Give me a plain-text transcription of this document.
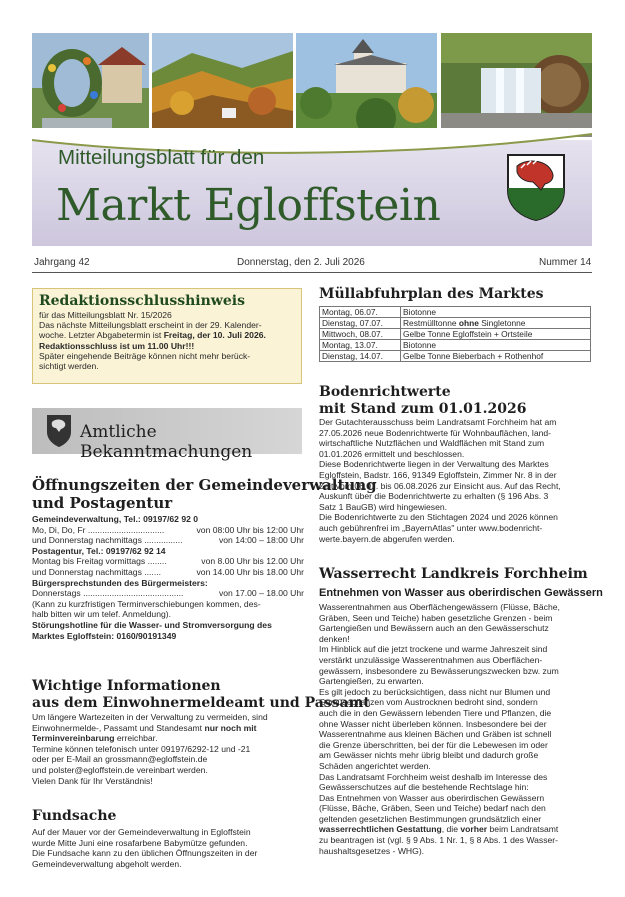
Mitteilungsblatt für den
Markt Egloffstein
Jahrgang 42	Donnerstag, den 2. Juli 2026	Nummer 14
Redaktionsschlusshinweis

für das Mitteilungsblatt Nr. 15/2026

Das nächste Mitteilungsblatt erscheint in der 29. Kalender-

woche. Letzter Abgabetermin ist Freitag, der 10. Juli 2026.

Redaktionsschluss ist um 11.00 Uhr!!!

Später eingehende Beiträge können nicht mehr berück-

sichtigt werden.

Amtliche Bekanntmachungen
Öffnungszeiten der Gemeindeverwaltung
und Postagentur

Gemeindeverwaltung, Tel.: 09197/62 92 0

Mo, Di, Do, Fr ................................	von 08:00 Uhr bis 12:00 Uhr
und Donnerstag nachmittags ................	von 14:00 – 18:00 Uhr

Postagentur, Tel.: 09197/62 92 14

Montag bis Freitag vormittags ........	von 8.00 Uhr bis 12.00 Uhr
und Donnerstag nachmittags .......	von 14.00 Uhr bis 18.00 Uhr

Bürgersprechstunden des Bürgermeisters:

Donnerstags ..........................................	von 17.00 – 18.00 Uhr

(Kann zu kurzfristigen Terminverschiebungen kommen, des-

halb bitten wir um telef. Anmeldung).

Störungshotline für die Wasser- und Stromversorgung des

Marktes Egloffstein: 0160/90191349

Wichtige Informationen
aus dem Einwohnermeldeamt und Passamt

Um längere Wartezeiten in der Verwaltung zu vermeiden, sind

Einwohnermelde-, Passamt und Standesamt nur noch mit

Terminvereinbarung erreichbar.

Termine können telefonisch unter 09197/6292-12 und -21

oder per E-Mail an grossmann@egloffstein.de

und polster@egloffstein.de vereinbart werden.

Vielen Dank für Ihr Verständnis!

Fundsache

Auf der Mauer vor der Gemeindeverwaltung in Egloffstein

wurde Mitte Juni eine rosafarbene Babymütze gefunden.

Die Fundsache kann zu den üblichen Öffnungszeiten in der

Gemeindeverwaltung abgeholt werden.

Müllabfuhrplan des Marktes
Montag, 06.07.	Biotonne
Dienstag, 07.07.	Restmülltonne ohne Singletonne
Mittwoch, 08.07.	Gelbe Tonne Egloffstein + Ortsteile
Montag, 13.07.	Biotonne
Dienstag, 14.07.	Gelbe Tonne Bieberbach + Rothenhof
Bodenrichtwerte
mit Stand zum 01.01.2026

Der Gutachterausschuss beim Landratsamt Forchheim hat am

27.05.2026 neue Bodenrichtwerte für Wohnbauflächen, land-

wirtschaftliche Nutzflächen und Waldflächen mit Stand zum

01.01.2026 ermittelt und beschlossen.

Diese Bodenrichtwerte liegen in der Verwaltung des Marktes

Egloffstein, Badstr. 166, 91349 Egloffstein, Zimmer Nr. 8 in der

Zeit vom 06.07. bis 06.08.2026 zur Einsicht aus. Auf das Recht,

Auskunft über die Bodenrichtwerte zu erhalten (§ 196 Abs. 3

Satz 1 BauGB) wird hingewiesen.

Die Bodenrichtwerte zu den Stichtagen 2024 und 2026 können

auch gebührenfrei im „BayernAtlas" unter www.bodenricht-

werte.bayern.de abgerufen werden.

Wasserrecht Landkreis Forchheim
Entnehmen von Wasser aus oberirdischen Gewässern

Wasserentnahmen aus Oberflächengewässern (Flüsse, Bäche,

Gräben, Seen und Teiche) haben gesetzliche Grenzen - beim

Gartengießen und Bewässern auch an den Gewässerschutz

denken!

Im Hinblick auf die jetzt trockene und warme Jahreszeit sind

verstärkt unzulässige Wasserentnahmen aus Oberflächen-

gewässern, insbesondere zu Bewässerungszwecken bzw. zum

Gartengießen, zu erwarten.

Es gilt jedoch zu berücksichtigen, dass nicht nur Blumen und

Gemüsepflanzen vom Austrocknen bedroht sind, sondern

auch die in den Gewässern lebenden Tiere und Pflanzen, die

ohne Wasser nicht überleben können. Insbesondere bei der

Wasserentnahme aus kleinen Bächen und Gräben ist schnell

die Grenze überschritten, bei der für die Lebewesen im oder

am Gewässer nichts mehr übrig bleibt und dadurch große

Schäden angerichtet werden.

Das Landratsamt Forchheim weist deshalb im Interesse des

Gewässerschutzes auf die bestehende Rechtslage hin:

Das Entnehmen von Wasser aus oberirdischen Gewässern

(Flüsse, Bäche, Gräben, Seen und Teiche) bedarf nach den

geltenden gesetzlichen Bestimmungen grundsätzlich einer

wasserrechtlichen Gestattung, die vorher beim Landratsamt

zu beantragen ist (vgl. § 9 Abs. 1 Nr. 1, § 8 Abs. 1 des Wasser-

haushaltsgesetzes - WHG).
